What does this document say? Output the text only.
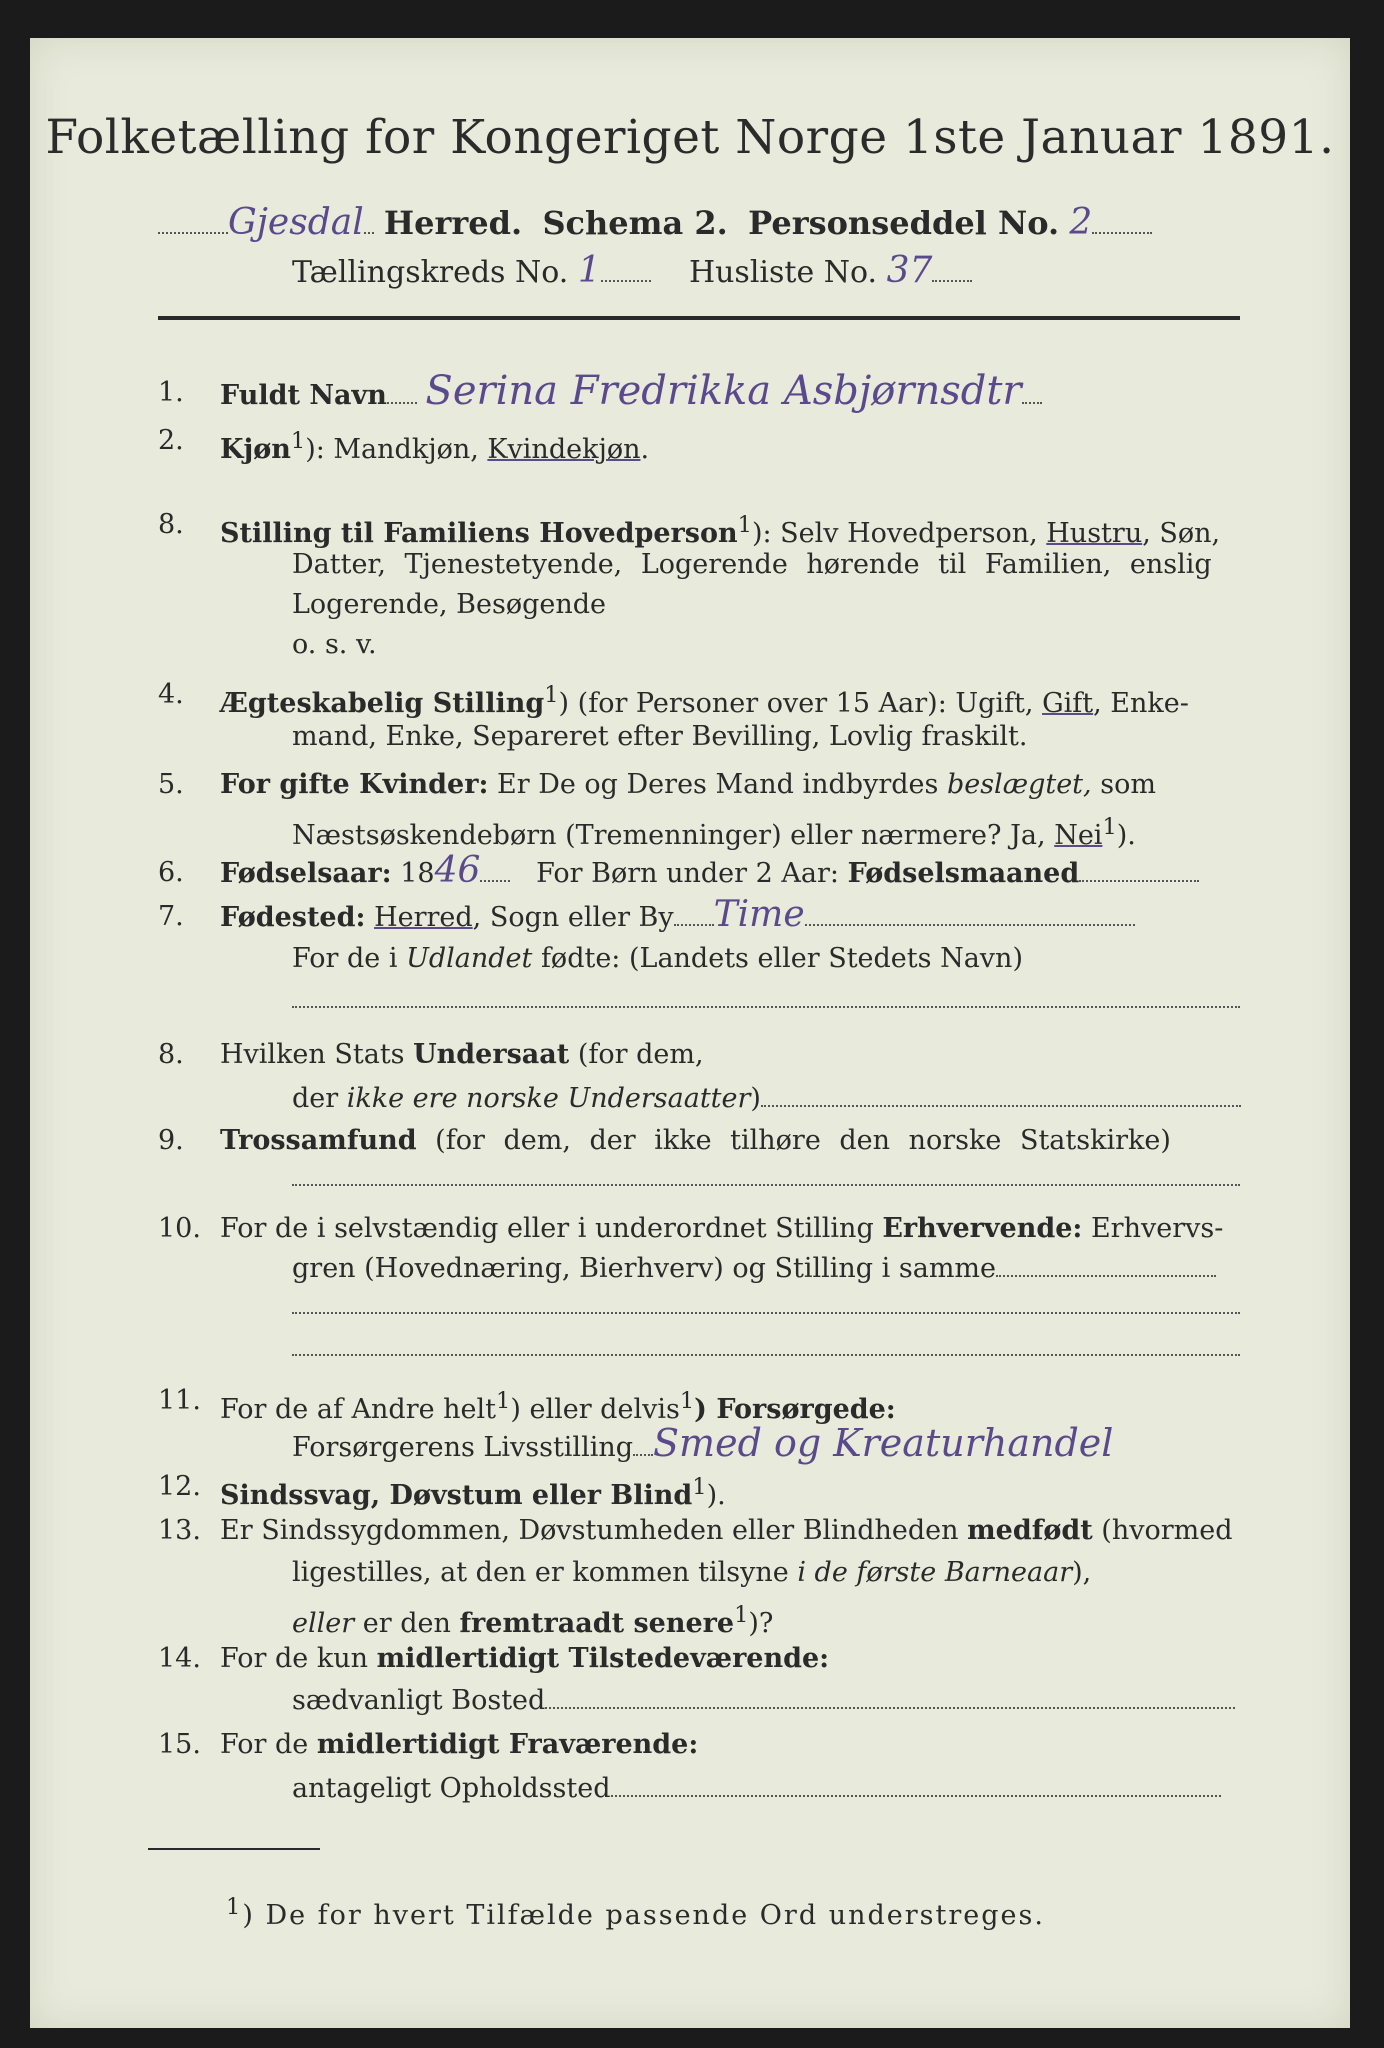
Folketælling for Kongeriget Norge 1ste Januar 1891.
Gjesdal Herred. Schema 2. Personseddel No. 2
Tællingskreds No. 1	Husliste No. 37
1. Fuldt Navn Serina Fredrikka Asbjørnsdtr
2. Kjøn$^1$): Mandkjøn, Kvindekjøn.
8. Stilling til Familiens Hovedperson$^1$): Selv Hovedperson, Hustru, Søn,
Datter, Tjenestetyende, Logerende hørende til Familien, enslig
Logerende, Besøgende
o. s. v.
4. Ægteskabelig Stilling$^1$) (for Personer over 15 Aar): Ugift, Gift, Enke-
mand, Enke, Separeret efter Bevilling, Lovlig fraskilt.
5. For gifte Kvinder: Er De og Deres Mand indbyrdes beslægtet, som
Næstsøskendebørn (Tremenninger) eller nærmere? Ja, Nei$^1$).
6. Fødselsaar: 1846 For Børn under 2 Aar: Fødselsmaaned
7. Fødested: Herred, Sogn eller By Time
For de i Udlandet fødte: (Landets eller Stedets Navn)
8. Hvilken Stats Undersaat (for dem,
der ikke ere norske Undersaatter)
9. Trossamfund (for dem, der ikke tilhøre den norske Statskirke)
10. For de i selvstændig eller i underordnet Stilling Erhvervende: Erhvervs-
gren (Hovednæring, Bierhverv) og Stilling i samme
11. For de af Andre helt$^1$) eller delvis$^1$) Forsørgede:
Forsørgerens Livsstilling Smed og Kreaturhandel
12. Sindssvag, Døvstum eller Blind$^1$).
13. Er Sindssygdommen, Døvstumheden eller Blindheden medfødt (hvormed
ligestilles, at den er kommen tilsyne i de første Barneaar),
eller er den fremtraadt senere$^1$)?
14. For de kun midlertidigt Tilstedeværende:
sædvanligt Bosted
15. For de midlertidigt Fraværende:
antageligt Opholdssted
$^1$) De for hvert Tilfælde passende Ord understreges.
